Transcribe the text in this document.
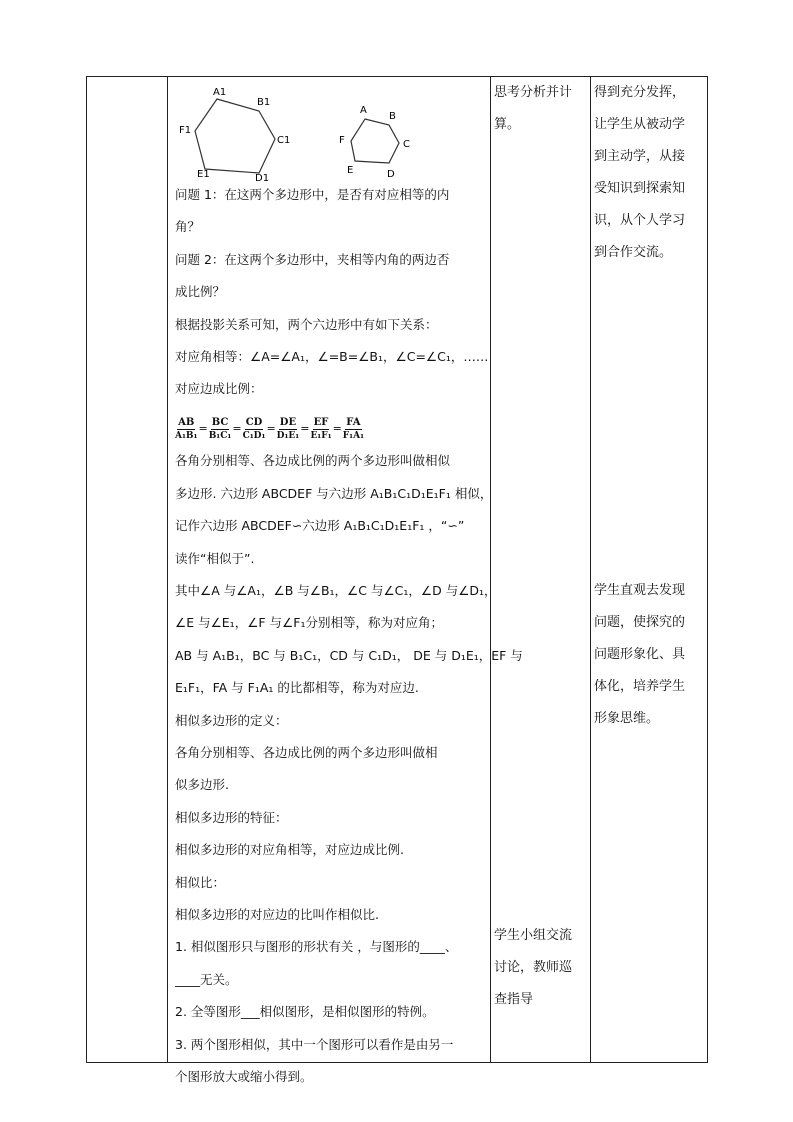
A1
B1
C1
D1
E1
F1
A
B
C
D
E
F

问题 1：在这两个多边形中，是否有对应相等的内

角？

问题 2：在这两个多边形中，夹相等内角的两边否

成比例？

根据投影关系可知，两个六边形中有如下关系：

对应角相等：∠A=∠A₁，∠=B=∠B₁，∠C=∠C₁，……

对应边成比例：

$\frac{AB}{\text{A₁B₁}} = \frac{BC}{\text{B₁C₁}} = \frac{CD}{\text{C₁D₁}} = \frac{DE}{\text{D₁E₁}} = \frac{EF}{\text{E₁F₁}} = \frac{FA}{\text{F₁A₁}}$

各角分别相等、各边成比例的两个多边形叫做相似

多边形. 六边形 ABCDEF 与六边形 A₁B₁C₁D₁E₁F₁ 相似，

记作六边形 ABCDEF∽六边形 A₁B₁C₁D₁E₁F₁ ，“∽”

读作“相似于”.

其中∠A 与∠A₁，∠B 与∠B₁，∠C 与∠C₁，∠D 与∠D₁，

∠E 与∠E₁，∠F 与∠F₁分别相等，称为对应角；

AB 与 A₁B₁，BC 与 B₁C₁，CD 与 C₁D₁， DE 与 D₁E₁，EF 与

E₁F₁，FA 与 F₁A₁ 的比都相等，称为对应边.

相似多边形的定义：

各角分别相等、各边成比例的两个多边形叫做相

似多边形.

相似多边形的特征：

相似多边形的对应角相等，对应边成比例.

相似比：

相似多边形的对应边的比叫作相似比.

1. 相似图形只与图形的形状有关 ，与图形的____、

____无关。

2. 全等图形___相似图形，是相似图形的特例。

3. 两个图形相似，其中一个图形可以看作是由另一

个图形放大或缩小得到。

思考分析并计

算。

学生小组交流

讨论，教师巡

查指导

得到充分发挥，

让学生从被动学

到主动学，从接

受知识到探索知

识，从个人学习

到合作交流。

学生直观去发现

问题，使探究的

问题形象化、具

体化，培养学生

形象思维。
